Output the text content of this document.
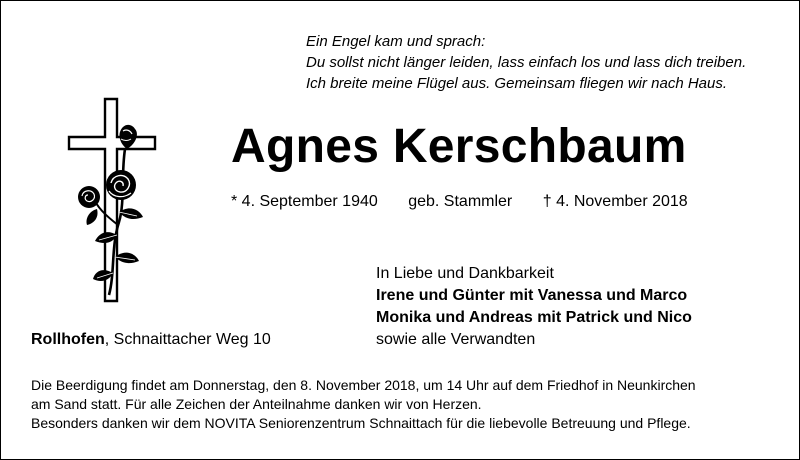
Ein Engel kam und sprach:
Du sollst nicht länger leiden, lass einfach los und lass dich treiben.
Ich breite meine Flügel aus. Gemeinsam fliegen wir nach Haus.
Agnes Kerschbaum
* 4. September 1940 geb. Stammler † 4. November 2018
In Liebe und Dankbarkeit
Irene und Günter mit Vanessa und Marco
Monika und Andreas mit Patrick und Nico
sowie alle Verwandten
Rollhofen, Schnaittacher Weg 10
Die Beerdigung findet am Donnerstag, den 8. November 2018, um 14 Uhr auf dem Friedhof in Neunkirchen
am Sand statt. Für alle Zeichen der Anteilnahme danken wir von Herzen.
Besonders danken wir dem NOVITA Seniorenzentrum Schnaittach für die liebevolle Betreuung und Pflege.
